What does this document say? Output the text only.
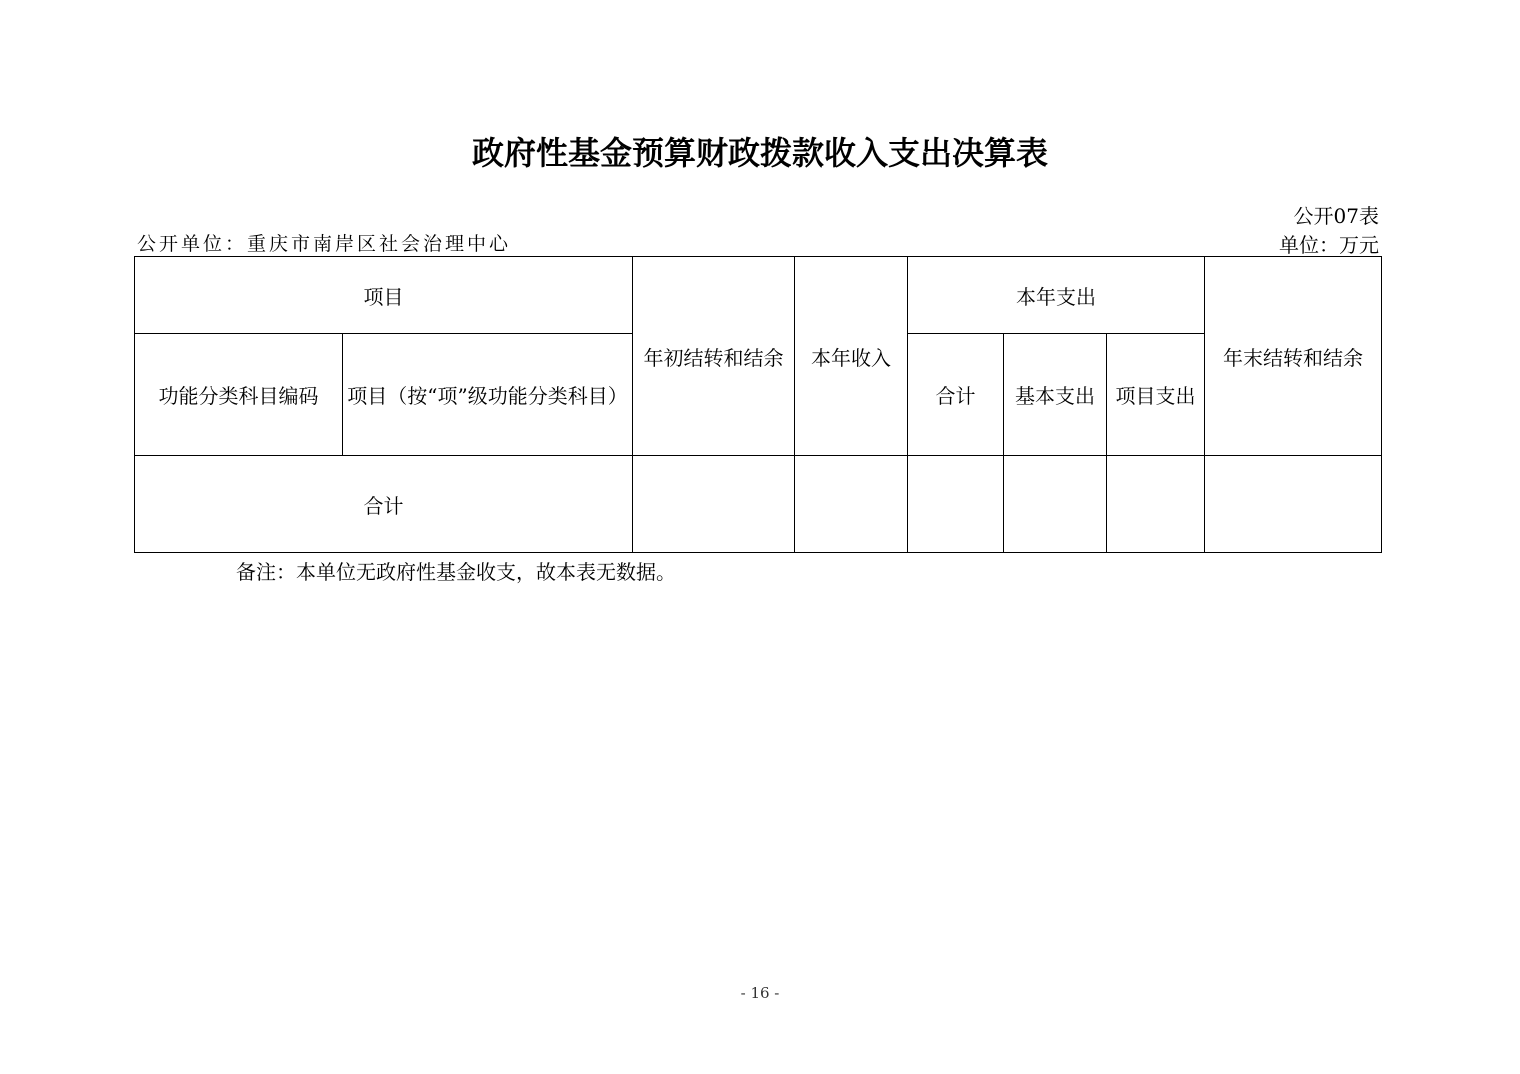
政府性基金预算财政拨款收入支出决算表
公开07表
公开单位：重庆市南岸区社会治理中心	单位：万元
项目		年初结转和结余	本年收入	本年支出			年末结转和结余
功能分类科目编码	项目（按“项”级功能分类科目）			合计	基本支出	项目支出	
合计							
备注：本单位无政府性基金收支，故本表无数据。
- 16 -
